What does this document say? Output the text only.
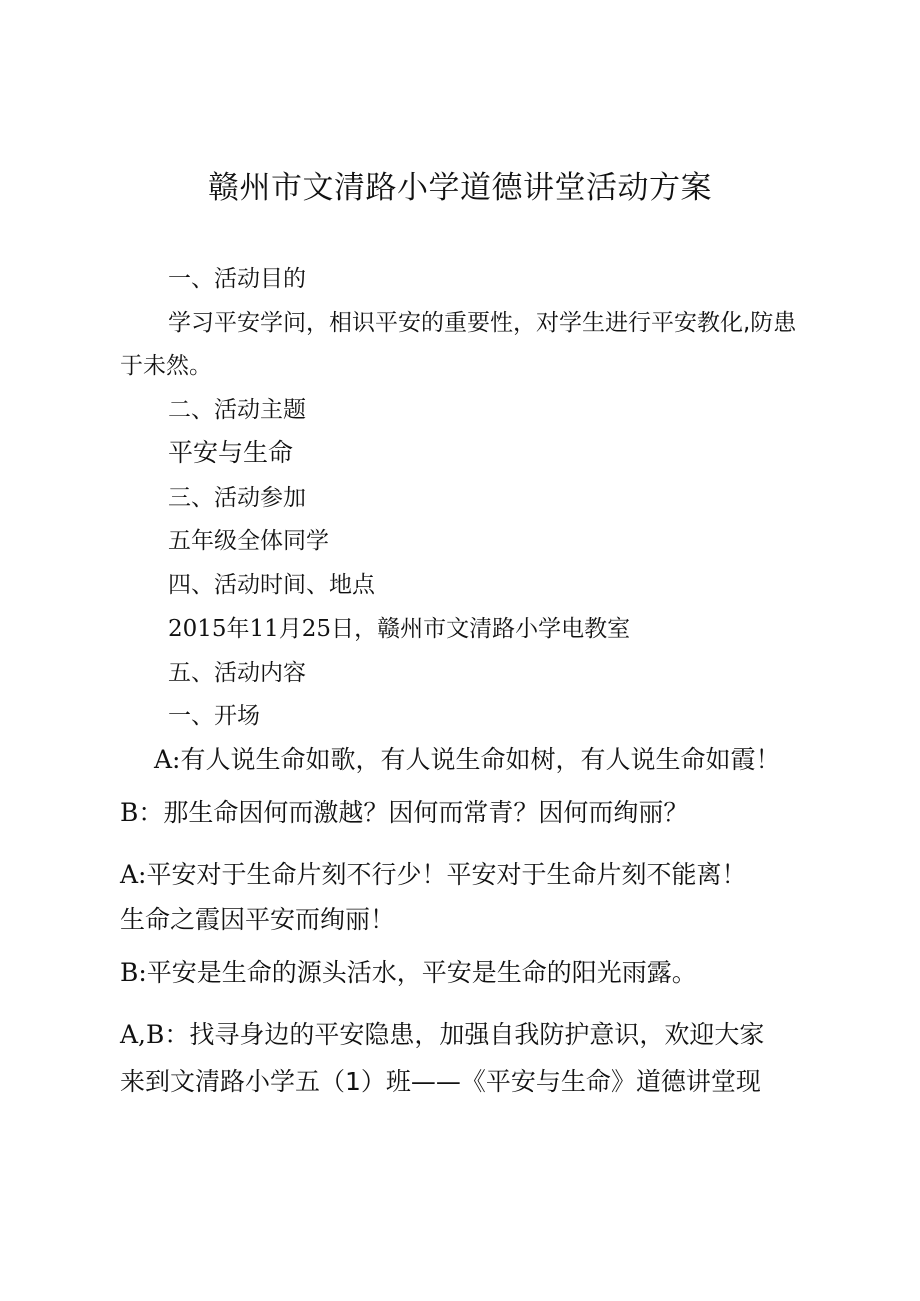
赣州市文清路小学道德讲堂活动方案
一、活动目的
学习平安学问，相识平安的重要性，对学生进行平安教化,防患
于未然。
二、活动主题
平安与生命
三、活动参加
五年级全体同学
四、活动时间、地点
2015年11月25日，赣州市文清路小学电教室
五、活动内容
一、开场
A:有人说生命如歌，有人说生命如树，有人说生命如霞！
B：那生命因何而激越？因何而常青？因何而绚丽？
A:平安对于生命片刻不行少！平安对于生命片刻不能离！
生命之霞因平安而绚丽！
B:平安是生命的源头活水，平安是生命的阳光雨露。
A,B：找寻身边的平安隐患，加强自我防护意识，欢迎大家
来到文清路小学五（1）班——《平安与生命》道德讲堂现
